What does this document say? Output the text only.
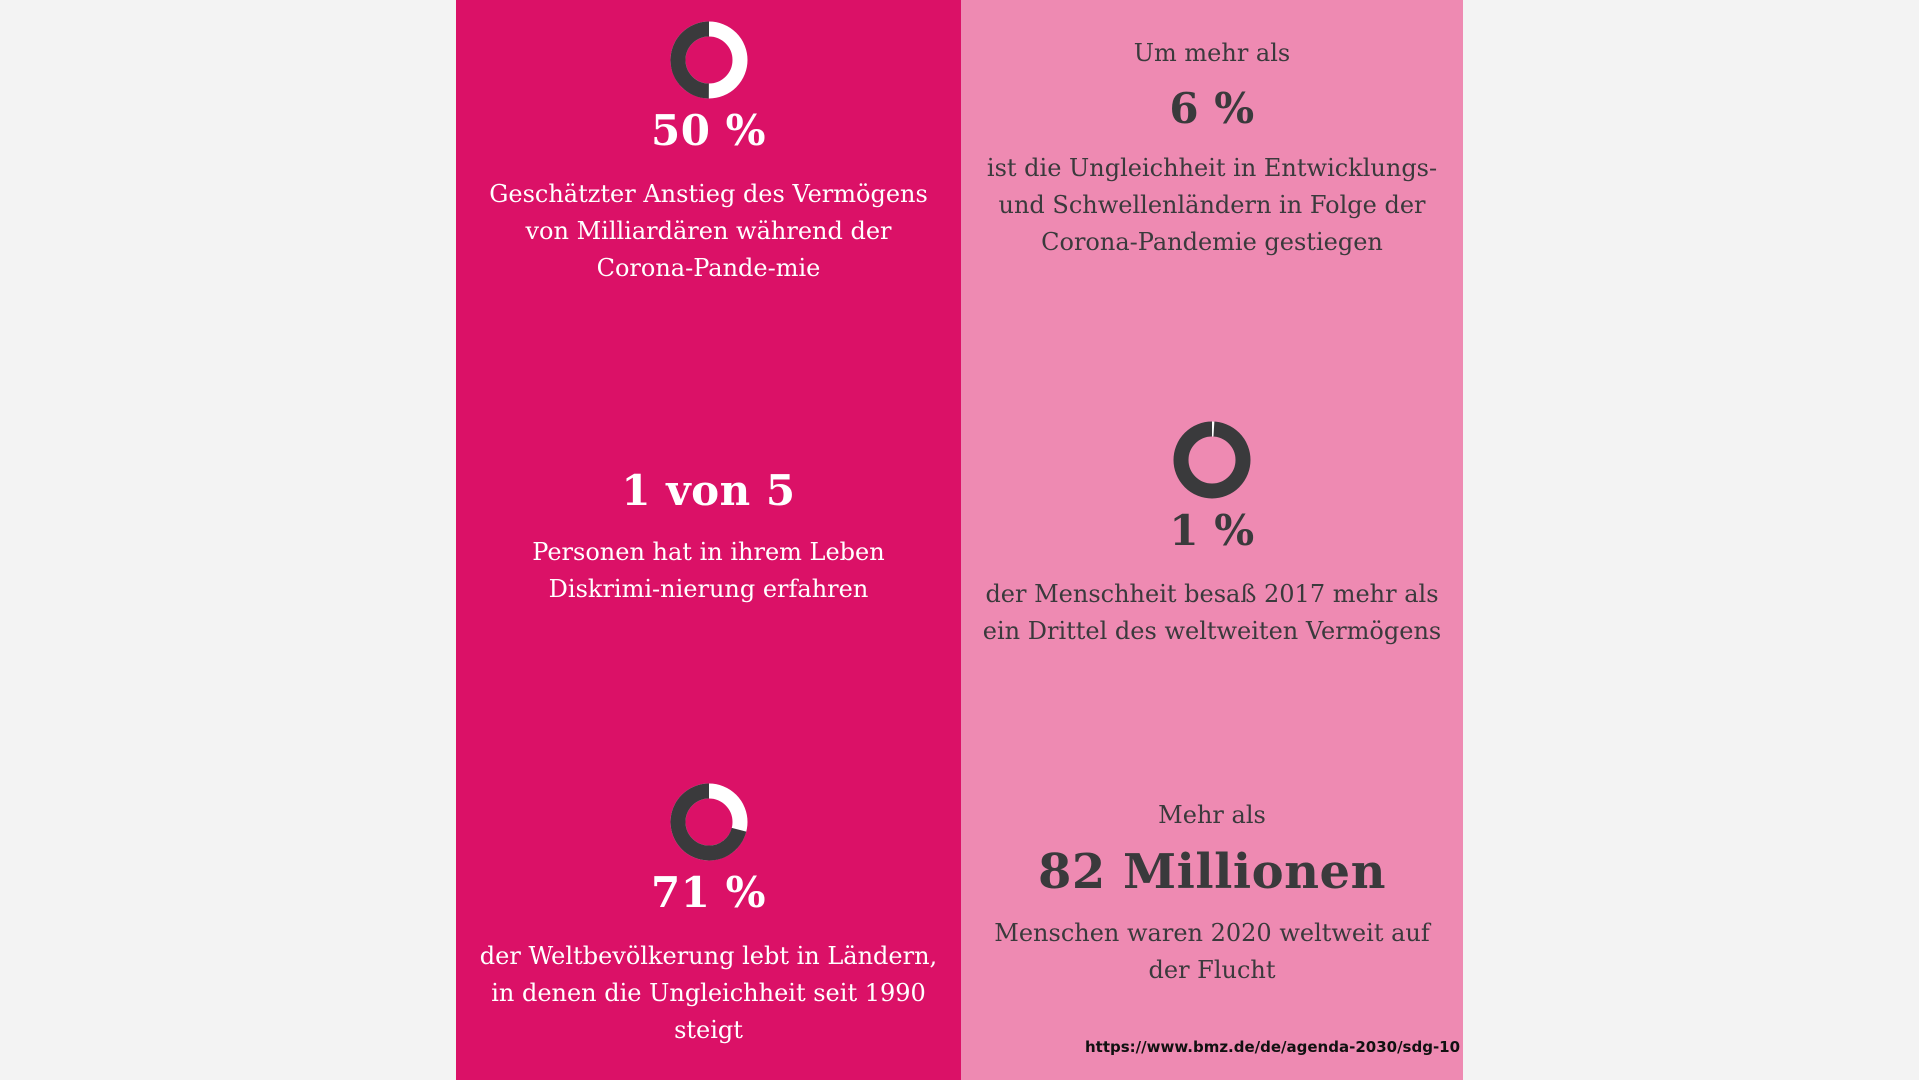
50 %
Geschätzter Anstieg des Vermögens von Milliardären während der Corona-Pande-mie
1 von 5
Personen hat in ihrem Leben Diskrimi-nierung erfahren
71 %
der Weltbevölkerung lebt in Ländern, in denen die Ungleichheit seit 1990 steigt
Um mehr als
6 %
ist die Ungleichheit in Entwicklungs- und Schwellenländern in Folge der Corona-Pandemie gestiegen
1 %
der Menschheit besaß 2017 mehr als ein Drittel des weltweiten Vermögens
Mehr als
82 Millionen
Menschen waren 2020 weltweit auf der Flucht
https://www.bmz.de/de/agenda-2030/sdg-10
